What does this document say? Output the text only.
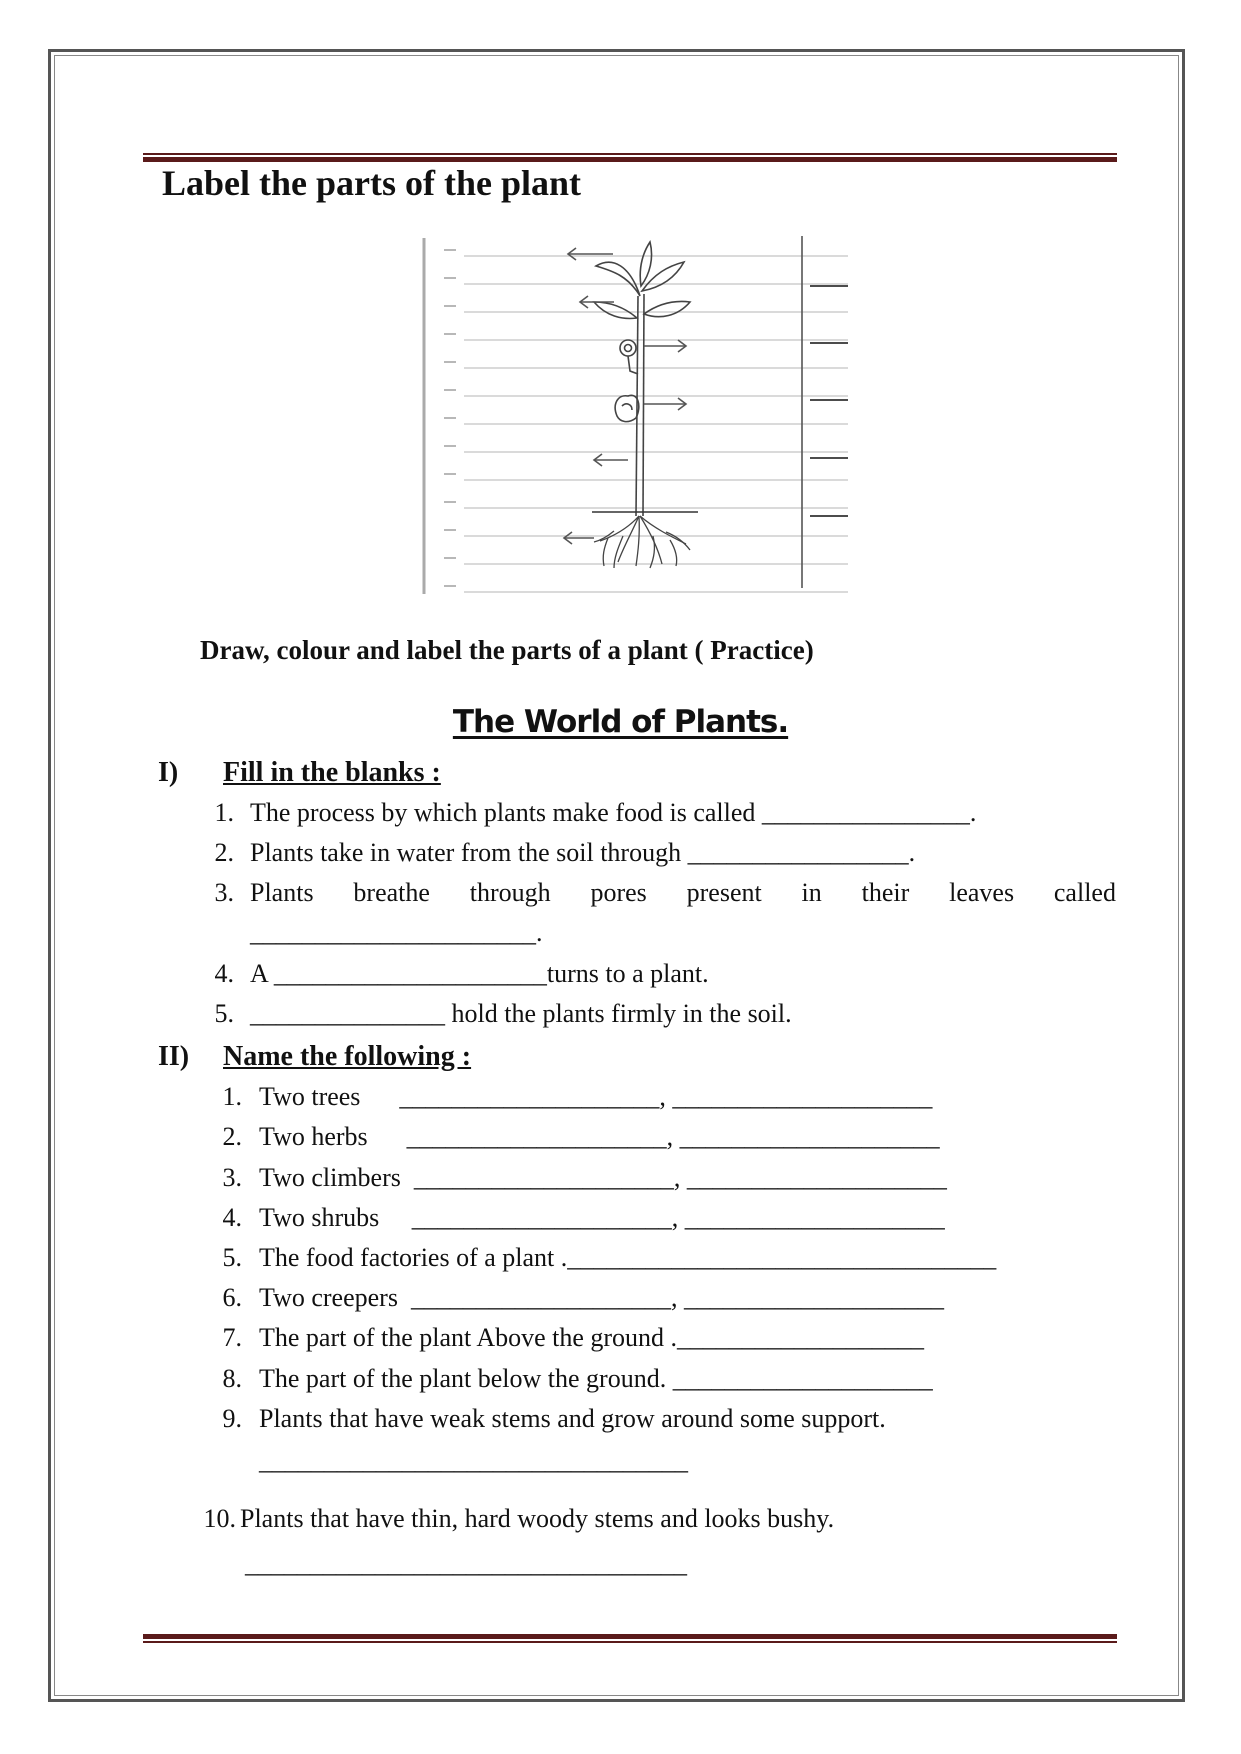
Label the parts of the plant
Draw, colour and label the parts of a plant ( Practice)
The World of Plants.
I) Fill in the blanks :
1. The process by which plants make food is called ________________.
2. Plants take in water from the soil through _________________.
3. Plants breathe through pores present in their leaves called
______________________.
4. A _____________________turns to a plant.
5. _______________ hold the plants firmly in the soil.
II) Name the following :
1. Two trees      ____________________, ____________________
2. Two herbs      ____________________, ____________________
3. Two climbers  ____________________, ____________________
4. Two shrubs     ____________________, ____________________
5. The food factories of a plant ._________________________________
6. Two creepers  ____________________, ____________________
7. The part of the plant Above the ground .___________________
8. The part of the plant below the ground. ____________________
9. Plants that have weak stems and grow around some support.
_________________________________
10. Plants that have thin, hard woody stems and looks bushy.
__________________________________
